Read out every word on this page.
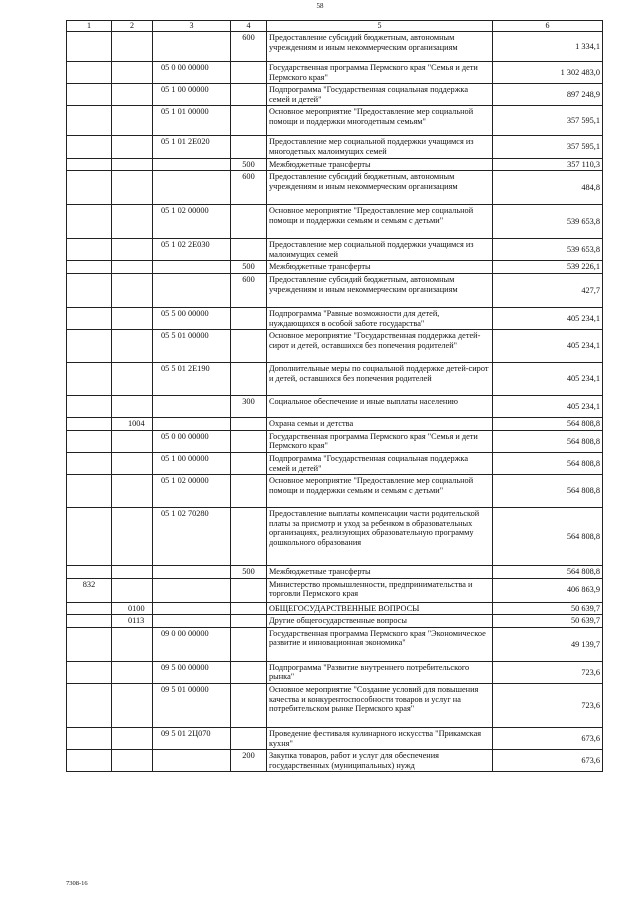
58
1	2	3	4	5	6
			600	Предоставление субсидий бюджетным, автономным учреждениям и иным некоммерческим организациям	1 334,1
		05 0 00 00000		Государственная программа Пермского края "Семья и дети Пермского края"	1 302 483,0
		05 1 00 00000		Подпрограмма "Государственная социальная поддержка семей и детей"	897 248,9
		05 1 01 00000		Основное мероприятие "Предоставление мер социальной помощи и поддержки многодетным семьям"	357 595,1
		05 1 01 2Е020		Предоставление мер социальной поддержки учащимся из многодетных малоимущих семей	357 595,1
			500	Межбюджетные трансферты	357 110,3
			600	Предоставление субсидий бюджетным, автономным учреждениям и иным некоммерческим организациям	484,8
		05 1 02 00000		Основное мероприятие "Предоставление мер социальной помощи и поддержки семьям и семьям с детьми"	539 653,8
		05 1 02 2Е030		Предоставление мер социальной поддержки учащимся из малоимущих семей	539 653,8
			500	Межбюджетные трансферты	539 226,1
			600	Предоставление субсидий бюджетным, автономным учреждениям и иным некоммерческим организациям	427,7
		05 5 00 00000		Подпрограмма "Равные возможности для детей, нуждающихся в особой заботе государства"	405 234,1
		05 5 01 00000		Основное мероприятие "Государственная поддержка детей-сирот и детей, оставшихся без попечения родителей"	405 234,1
		05 5 01 2Е190		Дополнительные меры по социальной поддержке детей-сирот и детей, оставшихся без попечения родителей	405 234,1
			300	Социальное обеспечение и иные выплаты населению	405 234,1
	1004			Охрана семьи и детства	564 808,8
		05 0 00 00000		Государственная программа Пермского края "Семья и дети Пермского края"	564 808,8
		05 1 00 00000		Подпрограмма "Государственная социальная поддержка семей и детей"	564 808,8
		05 1 02 00000		Основное мероприятие "Предоставление мер социальной помощи и поддержки семьям и семьям с детьми"	564 808,8
		05 1 02 70280		Предоставление выплаты компенсации части родительской платы за присмотр и уход за ребенком в образовательных организациях, реализующих образовательную программу дошкольного образования	564 808,8
			500	Межбюджетные трансферты	564 808,8
832				Министерство промышленности, предпринимательства и торговли Пермского края	406 863,9
	0100			ОБЩЕГОСУДАРСТВЕННЫЕ ВОПРОСЫ	50 639,7
	0113			Другие общегосударственные вопросы	50 639,7
		09 0 00 00000		Государственная программа Пермского края "Экономическое развитие и инновационная экономика"	49 139,7
		09 5 00 00000		Подпрограмма "Развитие внутреннего потребительского рынка"	723,6
		09 5 01 00000		Основное мероприятие "Создание условий для повышения качества и конкурентоспособности товаров и услуг на потребительском рынке Пермского края"	723,6
		09 5 01 2Ц070		Проведение фестиваля кулинарного искусства "Прикамская кухня"	673,6
			200	Закупка товаров, работ и услуг для обеспечения государственных (муниципальных) нужд	673,6
7308-16
